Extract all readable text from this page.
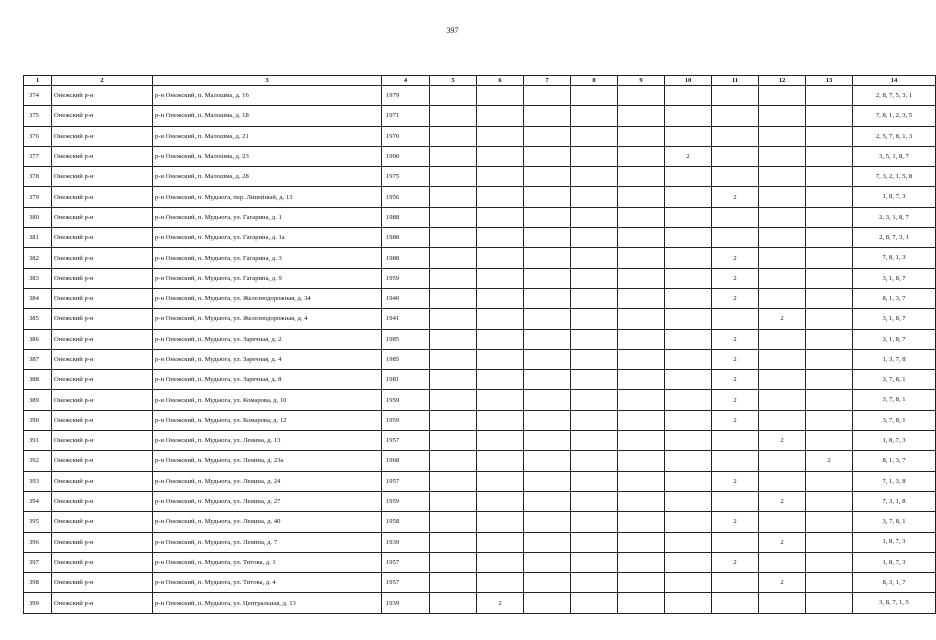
397
1	2	3	4	5	6	7	8	9	10	11	12	13	14
374	Онежский р-н	р-н Онежский, п. Малошма, д. 16	1979										2, 8, 7, 5, 3, 1
375	Онежский р-н	р-н Онежский, п. Малошма, д. 18	1971										7, 8, 1, 2, 3, 5
376	Онежский р-н	р-н Онежский, п. Малошма, д. 21	1970										2, 5, 7, 8, 1, 3
377	Онежский р-н	р-н Онежский, п. Малошма, д. 23	1990						2				3, 5, 1, 8, 7
378	Онежский р-н	р-н Онежский, п. Малошма, д. 28	1975										7, 3, 2, 1, 5, 8
379	Онежский р-н	р-н Онежский, п. Мудьюга, пер. Линейный, д. 13	1956							2			1, 8, 7, 3
380	Онежский р-н	р-н Онежский, п. Мудьюга, ул. Гагарина, д. 1	1988										2, 3, 1, 8, 7
381	Онежский р-н	р-н Онежский, п. Мудьюга, ул. Гагарина, д. 1а	1988										2, 8, 7, 3, 1
382	Онежский р-н	р-н Онежский, п. Мудьюга, ул. Гагарина, д. 3	1988							2			7, 8, 1, 3
383	Онежский р-н	р-н Онежский, п. Мудьюга, ул. Гагарина, д. 9	1959							2			3, 1, 8, 7
384	Онежский р-н	р-н Онежский, п. Мудьюга, ул. Железнодорожная, д. 34	1940							2			8, 1, 3, 7
385	Онежский р-н	р-н Онежский, п. Мудьюга, ул. Железнодорожная, д. 4	1941								2		3, 1, 8, 7
386	Онежский р-н	р-н Онежский, п. Мудьюга, ул. Заречная, д. 2	1985							2			3, 1, 8, 7
387	Онежский р-н	р-н Онежский, п. Мудьюга, ул. Заречная, д. 4	1985							2			1, 3, 7, 8
388	Онежский р-н	р-н Онежский, п. Мудьюга, ул. Заречная, д. 8	1981							2			3, 7, 8, 1
389	Онежский р-н	р-н Онежский, п. Мудьюга, ул. Комарова, д. 10	1959							2			3, 7, 8, 1
390	Онежский р-н	р-н Онежский, п. Мудьюга, ул. Комарова, д. 12	1959							2			3, 7, 8, 1
391	Онежский р-н	р-н Онежский, п. Мудьюга, ул. Ленина, д. 13	1957								2		1, 8, 7, 3
392	Онежский р-н	р-н Онежский, п. Мудьюга, ул. Ленина, д. 23а	1968									2	8, 1, 3, 7
393	Онежский р-н	р-н Онежский, п. Мудьюга, ул. Ленина, д. 24	1957							2			7, 1, 3, 8
394	Онежский р-н	р-н Онежский, п. Мудьюга, ул. Ленина, д. 27	1959								2		7, 3, 1, 8
395	Онежский р-н	р-н Онежский, п. Мудьюга, ул. Ленина, д. 40	1958							2			3, 7, 8, 1
396	Онежский р-н	р-н Онежский, п. Мудьюга, ул. Ленина, д. 7	1939								2		1, 8, 7, 3
397	Онежский р-н	р-н Онежский, п. Мудьюга, ул. Титова, д. 1	1957							2			1, 8, 7, 3
398	Онежский р-н	р-н Онежский, п. Мудьюга, ул. Титова, д. 4	1957								2		8, 3, 1, 7
399	Онежский р-н	р-н Онежский, п. Мудьюга, ул. Центральная, д. 13	1939		2								3, 8, 7, 1, 5
